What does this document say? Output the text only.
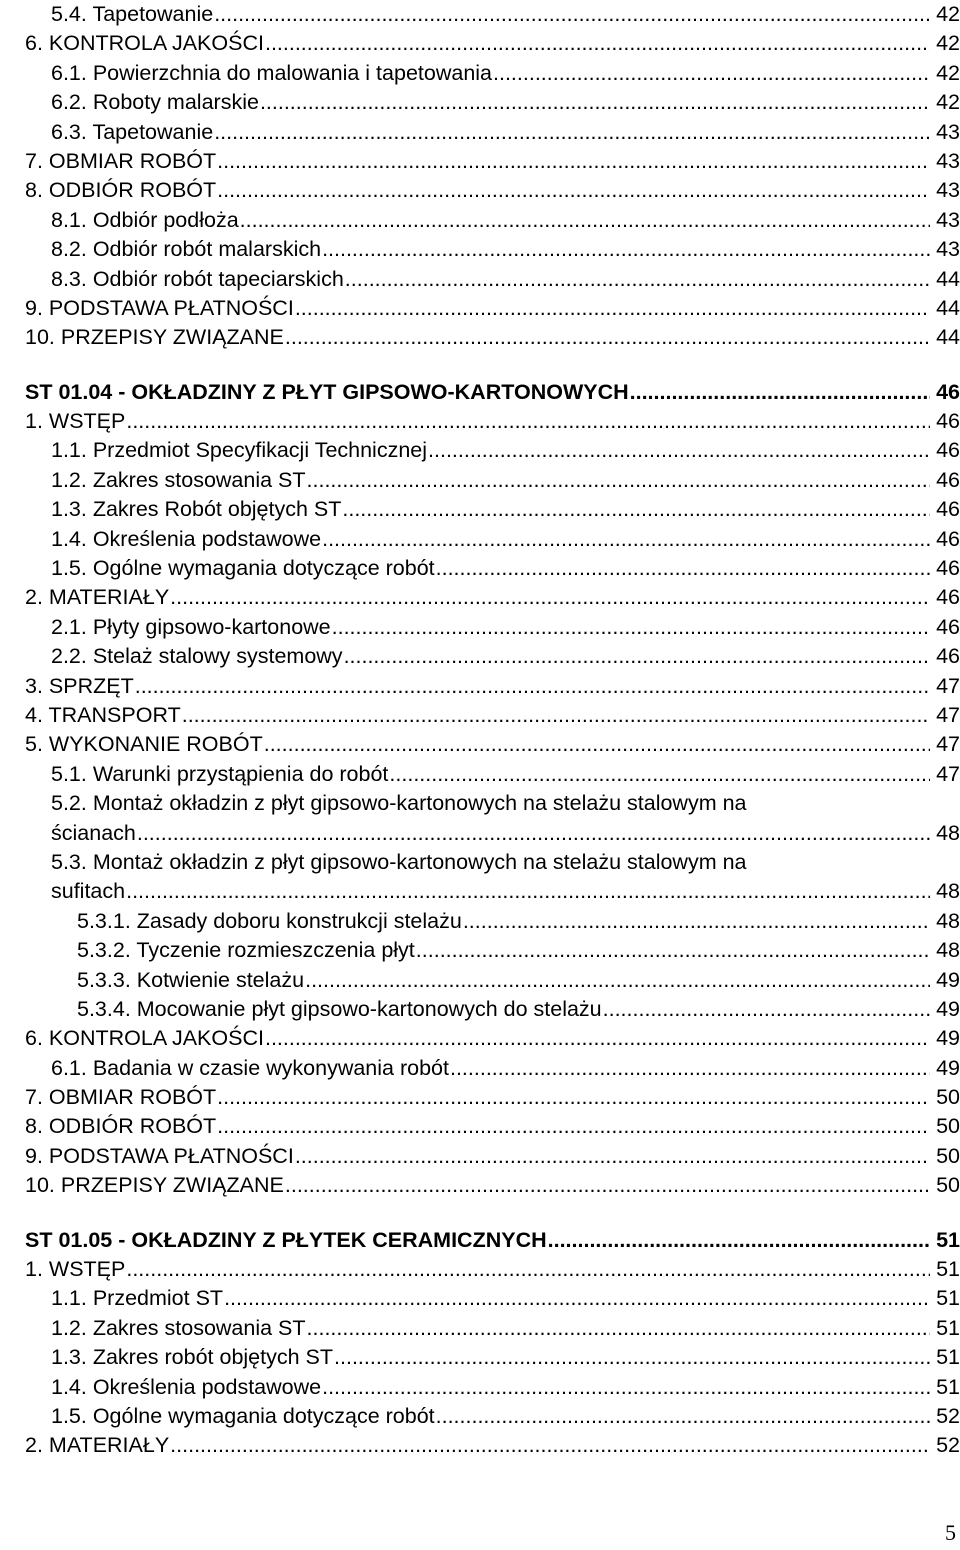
5.4. Tapetowanie .....	42
6. KONTROLA JAKOŚCI .....	42
6.1. Powierzchnia do malowania i tapetowania .....	42
6.2. Roboty malarskie .....	42
6.3. Tapetowanie .....	43
7. OBMIAR ROBÓT .....	43
8. ODBIÓR ROBÓT .....	43
8.1. Odbiór podłoża .....	43
8.2. Odbiór robót malarskich .....	43
8.3. Odbiór robót tapeciarskich .....	44
9. PODSTAWA PŁATNOŚCI .....	44
10. PRZEPISY ZWIĄZANE .....	44
ST 01.04 - OKŁADZINY Z PŁYT GIPSOWO-KARTONOWYCH .....	46
1. WSTĘP .....	46
1.1. Przedmiot Specyfikacji Technicznej .....	46
1.2. Zakres stosowania ST .....	46
1.3. Zakres Robót objętych ST .....	46
1.4. Określenia podstawowe .....	46
1.5. Ogólne wymagania dotyczące robót .....	46
2. MATERIAŁY .....	46
2.1. Płyty gipsowo-kartonowe .....	46
2.2. Stelaż stalowy systemowy .....	46
3. SPRZĘT .....	47
4. TRANSPORT .....	47
5. WYKONANIE ROBÓT .....	47
5.1. Warunki przystąpienia do robót .....	47
5.2. Montaż okładzin z płyt gipsowo-kartonowych na stelażu stalowym na
ścianach .....	48
5.3. Montaż okładzin z płyt gipsowo-kartonowych na stelażu stalowym na
sufitach .....	48
5.3.1. Zasady doboru konstrukcji stelażu .....	48
5.3.2. Tyczenie rozmieszczenia płyt .....	48
5.3.3. Kotwienie stelażu .....	49
5.3.4. Mocowanie płyt gipsowo-kartonowych do stelażu .....	49
6. KONTROLA JAKOŚCI .....	49
6.1. Badania w czasie wykonywania robót .....	49
7. OBMIAR ROBÓT .....	50
8. ODBIÓR ROBÓT .....	50
9. PODSTAWA PŁATNOŚCI .....	50
10. PRZEPISY ZWIĄZANE .....	50
ST 01.05 - OKŁADZINY Z PŁYTEK CERAMICZNYCH .....	51
1. WSTĘP .....	51
1.1. Przedmiot ST .....	51
1.2. Zakres stosowania ST .....	51
1.3. Zakres robót objętych ST .....	51
1.4. Określenia podstawowe .....	51
1.5. Ogólne wymagania dotyczące robót .....	52
2. MATERIAŁY .....	52
5
